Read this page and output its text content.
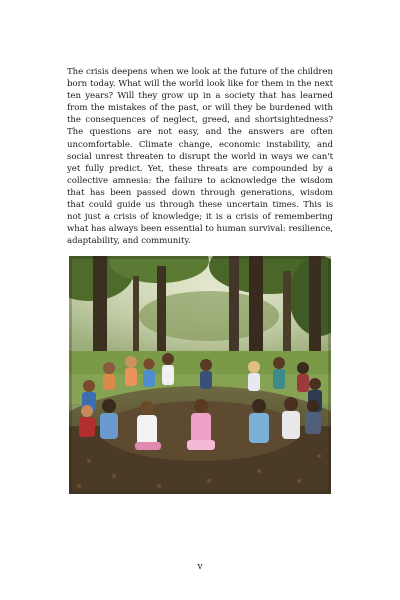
The crisis deepens when we look at the future of the children born today. What will the world look like for them in the next ten years? Will they grow up in a society that has learned from the mistakes of the past, or will they be burdened with the consequences of neglect, greed, and shortsightedness? The questions are not easy, and the answers are often uncomfortable. Climate change, economic instability, and social unrest threaten to disrupt the world in ways we can't yet fully predict. Yet, these threats are compounded by a collective amnesia: the failure to acknowledge the wisdom that has been passed down through generations, wisdom that could guide us through these uncertain times. This is not just a crisis of knowledge; it is a crisis of remembering what has always been essential to human survival: resilience, adaptability, and community.

v
